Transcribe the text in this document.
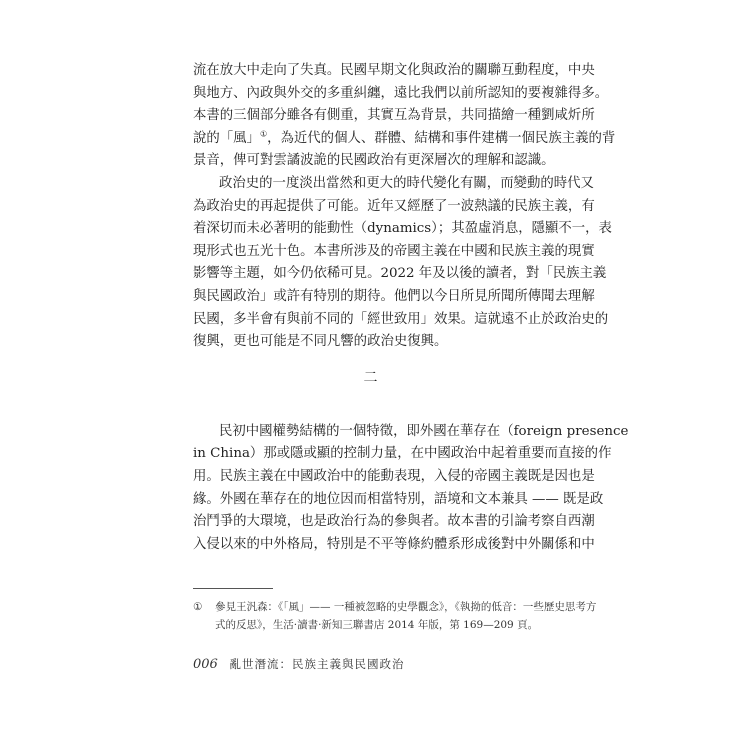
流在放大中走向了失真。民國早期文化與政治的關聯互動程度，中央
與地方、內政與外交的多重糾纏，遠比我們以前所認知的要複雜得多。
本書的三個部分雖各有側重，其實互為背景，共同描繪一種劉咸炘所
說的「風」①，為近代的個人、群體、結構和事件建構一個民族主義的背
景音，俾可對雲譎波詭的民國政治有更深層次的理解和認識。
政治史的一度淡出當然和更大的時代變化有關，而變動的時代又
為政治史的再起提供了可能。近年又經歷了一波熱議的民族主義，有
着深切而未必著明的能動性（dynamics）；其盈虛消息，隱顯不一，表
現形式也五光十色。本書所涉及的帝國主義在中國和民族主義的現實
影響等主題，如今仍依稀可見。2022 年及以後的讀者，對「民族主義
與民國政治」或許有特別的期待。他們以今日所見所聞所傳聞去理解
民國，多半會有與前不同的「經世致用」效果。這就遠不止於政治史的
復興，更也可能是不同凡響的政治史復興。
二
民初中國權勢結構的一個特徵，即外國在華存在（foreign presence
in China）那或隱或顯的控制力量，在中國政治中起着重要而直接的作
用。民族主義在中國政治中的能動表現，入侵的帝國主義既是因也是
緣。外國在華存在的地位因而相當特別，語境和文本兼具 —— 既是政
治鬥爭的大環境，也是政治行為的參與者。故本書的引論考察自西潮
入侵以來的中外格局，特別是不平等條約體系形成後對中外關係和中
①	參見王汎森：《「風」—— 一種被忽略的史學觀念》，《執拗的低音：一些歷史思考方
式的反思》，生活·讀書·新知三聯書店 2014 年版，第 169—209 頁。
006 亂世潛流：民族主義與民國政治
